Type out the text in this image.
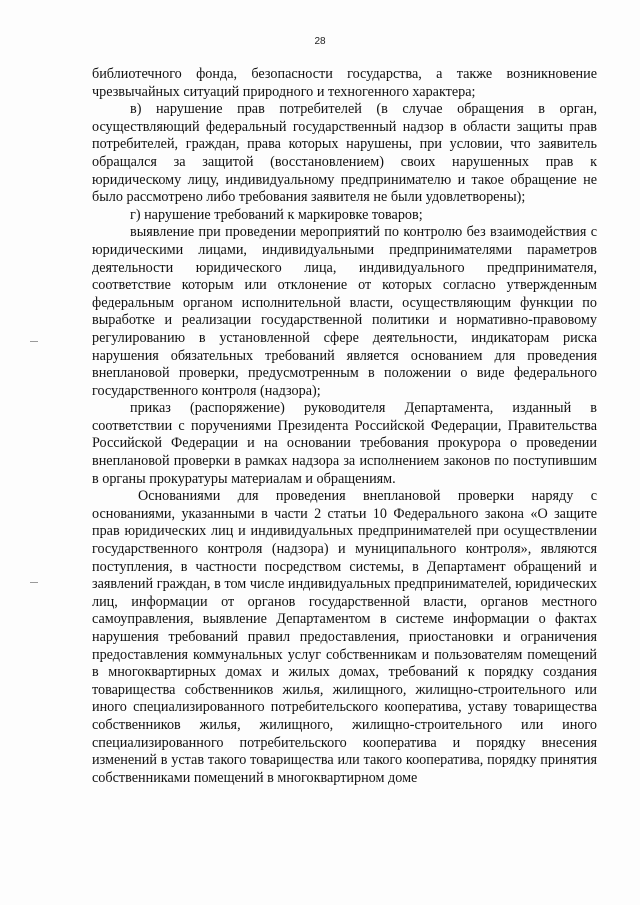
28

библиотечного фонда, безопасности государства, а также возникновение чрезвычайных ситуаций природного и техногенного характера;

в) нарушение прав потребителей (в случае обращения в орган, осуществляющий федеральный государственный надзор в области защиты прав потребителей, граждан, права которых нарушены, при условии, что заявитель обращался за защитой (восстановлением) своих нарушенных прав к юридическому лицу, индивидуальному предпринимателю и такое обращение не было рассмотрено либо требования заявителя не были удовлетворены);

г) нарушение требований к маркировке товаров;

выявление при проведении мероприятий по контролю без взаимодействия с юридическими лицами, индивидуальными предпринимателями параметров деятельности юридического лица, индивидуального предпринимателя, соответствие которым или отклонение от которых согласно утвержденным федеральным органом исполнительной власти, осуществляющим функции по выработке и реализации государственной политики и нормативно-правовому регулированию в установленной сфере деятельности, индикаторам риска нарушения обязательных требований является основанием для проведения внеплановой проверки, предусмотренным в положении о виде федерального государственного контроля (надзора);

приказ (распоряжение) руководителя Департамента, изданный в соответствии с поручениями Президента Российской Федерации, Правительства Российской Федерации и на основании требования прокурора о проведении внеплановой проверки в рамках надзора за исполнением законов по поступившим в органы прокуратуры материалам и обращениям.

Основаниями для проведения внеплановой проверки наряду с основаниями, указанными в части 2 статьи 10 Федерального закона «О защите прав юридических лиц и индивидуальных предпринимателей при осуществлении государственного контроля (надзора) и муниципального контроля», являются поступления, в частности посредством системы, в Департамент обращений и заявлений граждан, в том числе индивидуальных предпринимателей, юридических лиц, информации от органов государственной власти, органов местного самоуправления, выявление Департаментом в системе информации о фактах нарушения требований правил предоставления, приостановки и ограничения предоставления коммунальных услуг собственникам и пользователям помещений в многоквартирных домах и жилых домах, требований к порядку создания товарищества собственников жилья, жилищного, жилищно-строительного или иного специализированного потребительского кооператива, уставу товарищества собственников жилья, жилищного, жилищно-строительного или иного специализированного потребительского кооператива и порядку внесения изменений в устав такого товарищества или такого кооператива, порядку принятия собственниками помещений в многоквартирном доме
